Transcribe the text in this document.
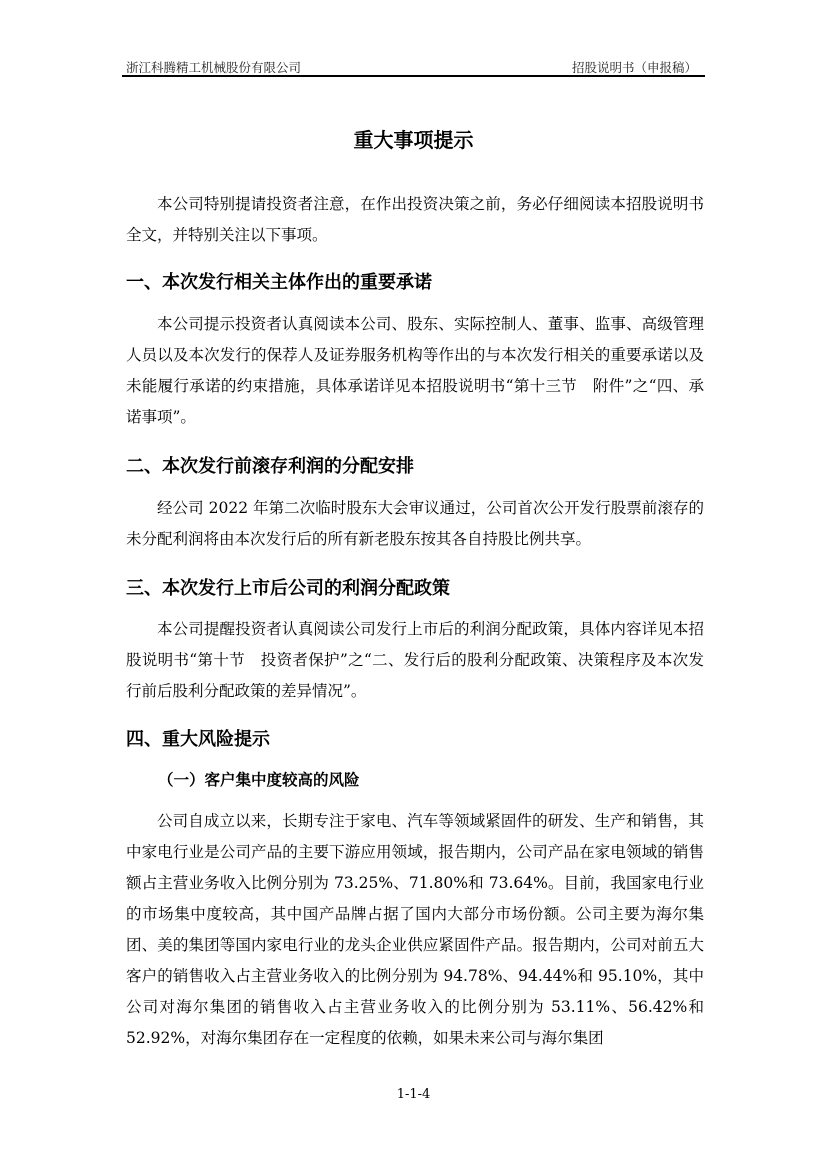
浙江科腾精工机械股份有限公司	招股说明书（申报稿）
重大事项提示

本公司特别提请投资者注意，在作出投资决策之前，务必仔细阅读本招股说明书全文，并特别关注以下事项。

一、本次发行相关主体作出的重要承诺

本公司提示投资者认真阅读本公司、股东、实际控制人、董事、监事、高级管理人员以及本次发行的保荐人及证券服务机构等作出的与本次发行相关的重要承诺以及未能履行承诺的约束措施，具体承诺详见本招股说明书“第十三节　附件”之“四、承诺事项”。

二、本次发行前滚存利润的分配安排

经公司 2022 年第二次临时股东大会审议通过，公司首次公开发行股票前滚存的未分配利润将由本次发行后的所有新老股东按其各自持股比例共享。

三、本次发行上市后公司的利润分配政策

本公司提醒投资者认真阅读公司发行上市后的利润分配政策，具体内容详见本招股说明书“第十节　投资者保护”之“二、发行后的股利分配政策、决策程序及本次发行前后股利分配政策的差异情况”。

四、重大风险提示
（一）客户集中度较高的风险

公司自成立以来，长期专注于家电、汽车等领域紧固件的研发、生产和销售，其中家电行业是公司产品的主要下游应用领域，报告期内，公司产品在家电领域的销售额占主营业务收入比例分别为 73.25%、71.80%和 73.64%。目前，我国家电行业的市场集中度较高，其中国产品牌占据了国内大部分市场份额。公司主要为海尔集团、美的集团等国内家电行业的龙头企业供应紧固件产品。报告期内，公司对前五大客户的销售收入占主营业务收入的比例分别为 94.78%、94.44%和 95.10%，其中公司对海尔集团的销售收入占主营业务收入的比例分别为 53.11%、56.42%和 52.92%，对海尔集团存在一定程度的依赖，如果未来公司与海尔集团

1-1-4
